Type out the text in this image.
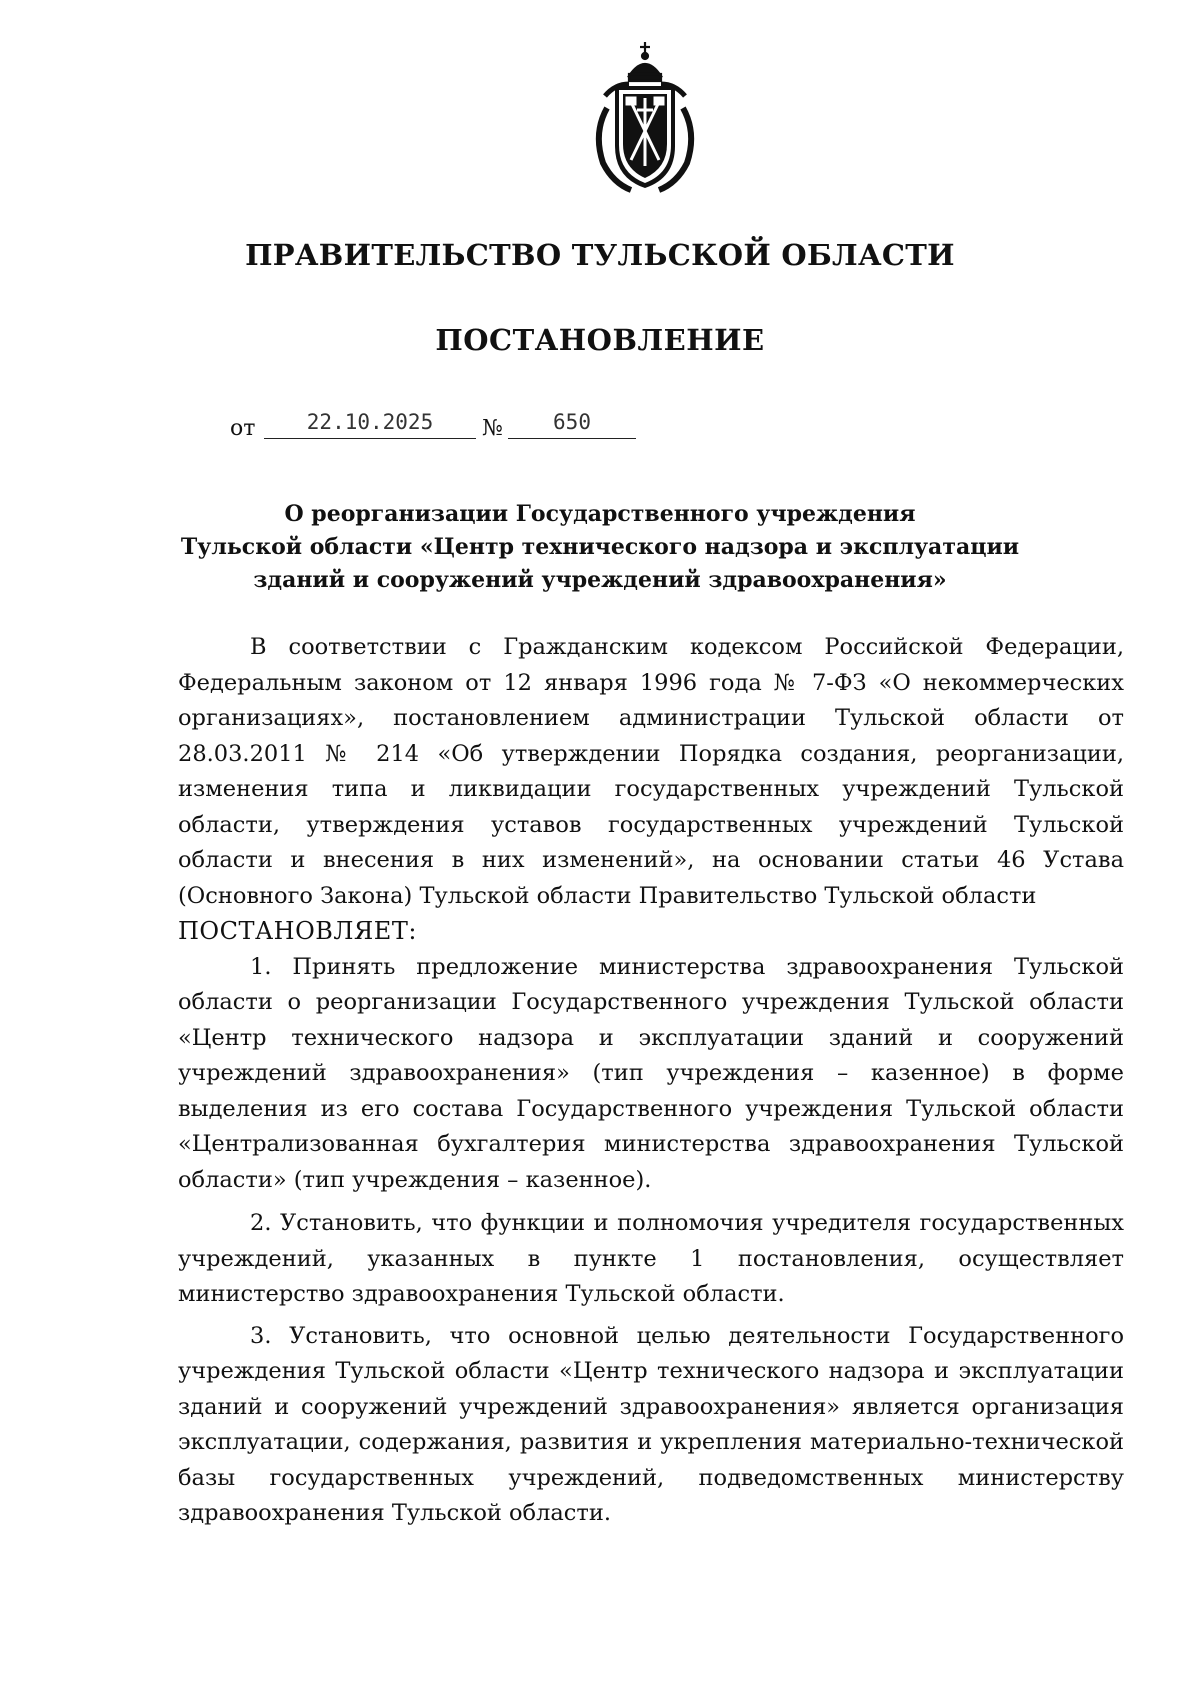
ПРАВИТЕЛЬСТВО ТУЛЬСКОЙ ОБЛАСТИ
ПОСТАНОВЛЕНИЕ
от	22.10.2025	№	650
О реорганизации Государственного учреждения
Тульской области «Центр технического надзора и эксплуатации
зданий и сооружений учреждений здравоохранения»

В соответствии с Гражданским кодексом Российской Федерации, Федеральным законом от 12 января 1996 года № 7-ФЗ «О некоммерческих организациях», постановлением администрации Тульской области от 28.03.2011 № 214 «Об утверждении Порядка создания, реорганизации, изменения типа и ликвидации государственных учреждений Тульской области, утверждения уставов государственных учреждений Тульской области и внесения в них изменений», на основании статьи 46 Устава (Основного Закона) Тульской области Правительство Тульской области

ПОСТАНОВЛЯЕТ:

1. Принять предложение министерства здравоохранения Тульской области о реорганизации Государственного учреждения Тульской области «Центр технического надзора и эксплуатации зданий и сооружений учреждений здравоохранения» (тип учреждения – казенное) в форме выделения из его состава Государственного учреждения Тульской области «Централизованная бухгалтерия министерства здравоохранения Тульской области» (тип учреждения – казенное).

2. Установить, что функции и полномочия учредителя государственных учреждений, указанных в пункте 1 постановления, осуществляет министерство здравоохранения Тульской области.

3. Установить, что основной целью деятельности Государственного учреждения Тульской области «Центр технического надзора и эксплуатации зданий и сооружений учреждений здравоохранения» является организация эксплуатации, содержания, развития и укрепления материально-технической базы государственных учреждений, подведомственных министерству здравоохранения Тульской области.
